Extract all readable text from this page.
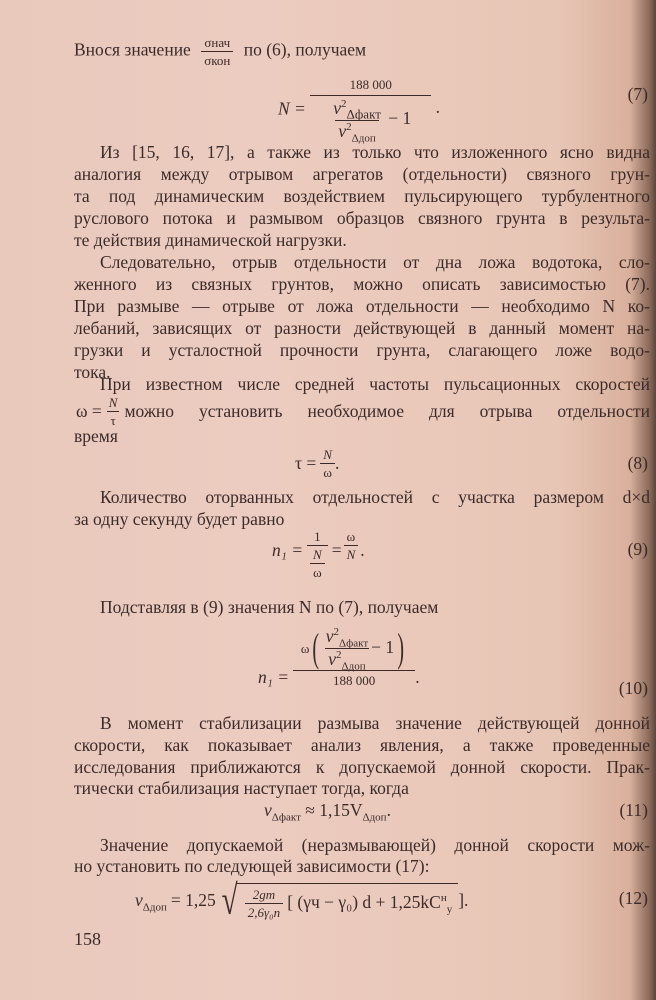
Внося значение $\frac{\text{σнач}}{\text{σкон}}$ по (6), получаем
$N = \frac{188 000}{\frac{v^2_{\Delta факт}}{v^2_{\Delta доп}} - 1}$ .
(7)
Из [15, 16, 17], а также из только что изложенного ясно видна
аналогия между отрывом агрегатов (отдельности) связного грун-
та под динамическим воздействием пульсирующего турбулентного
руслового потока и размывом образцов связного грунта в результа-
те действия динамической нагрузки.
Следовательно, отрыв отдельности от дна ложа водотока, сло-
женного из связных грунтов, можно описать зависимостью (7).
При размыве — отрыве от ложа отдельности — необходимо N ко-
лебаний, зависящих от разности действующей в данный момент на-
грузки и усталостной прочности грунта, слагающего ложе водо-
тока.
При известном числе средней частоты пульсационных скоростей
$\omega = \frac{N}{\tau}$ можно установить необходимое для отрыва отдельности
время
$\tau = \frac{N}{\omega}$ .	(8)
Количество оторванных отдельностей с участка размером d×d
за одну секунду будет равно
$n_1 = \frac{1}{\frac{N}{\omega}} = \frac{\omega}{N}$ .	(9)
Подставляя в (9) значения N по (7), получаем
n₁ =
ω ( $\frac{v^2_{\Delta факт}}{v^2_{\Delta доп}} - 1$ )
188 000	.
(10)
В момент стабилизации размыва значение действующей донной
скорости, как показывает анализ явления, а также проведенные
исследования приближаются к допускаемой донной скорости. Прак-
тически стабилизация наступает тогда, когда
$v_{\Delta факт} \approx 1,15V_{\Delta доп}$.	(11)
Значение допускаемой (неразмывающей) донной скорости мож-
но установить по следующей зависимости (17):
$v_{\Delta доп} = 1,25$ √ $\frac{2gm}{\text{2,6γ₀n}}$ [ (γч − γ₀) $d + 1,25kC^н_y$ ].	(12)
158
